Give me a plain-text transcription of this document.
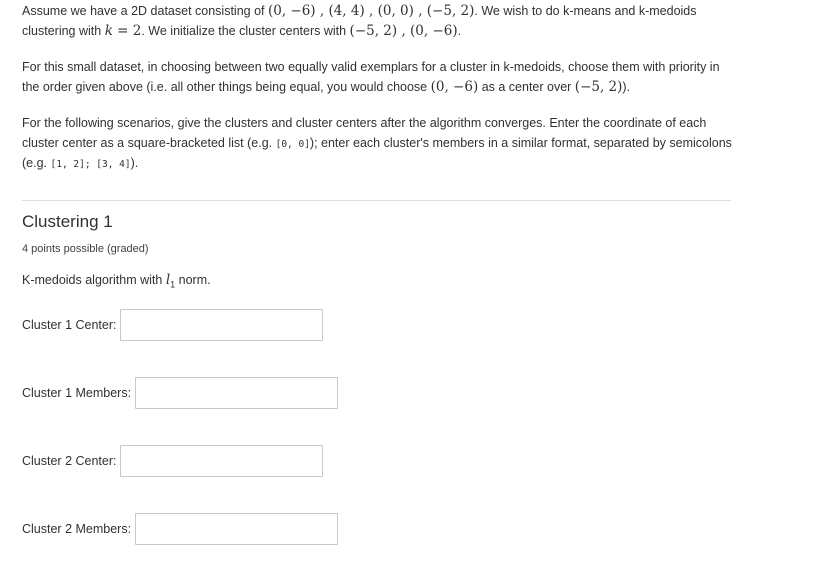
Assume we have a 2D dataset consisting of (0, −6) , (4, 4) , (0, 0) , (−5, 2). We wish to do k-means and k-medoids clustering with k = 2. We initialize the cluster centers with (−5, 2) , (0, −6).

For this small dataset, in choosing between two equally valid exemplars for a cluster in k-medoids, choose them with priority in the order given above (i.e. all other things being equal, you would choose (0, −6) as a center over (−5, 2)).

For the following scenarios, give the clusters and cluster centers after the algorithm converges. Enter the coordinate of each cluster center as a square-bracketed list (e.g. [0, 0]); enter each cluster's members in a similar format, separated by semicolons (e.g. [1, 2]; [3, 4]).

Clustering 1
4 points possible (graded)
K-medoids algorithm with $l_1$ norm.
Cluster 1 Center:
Cluster 1 Members:
Cluster 2 Center:
Cluster 2 Members:
